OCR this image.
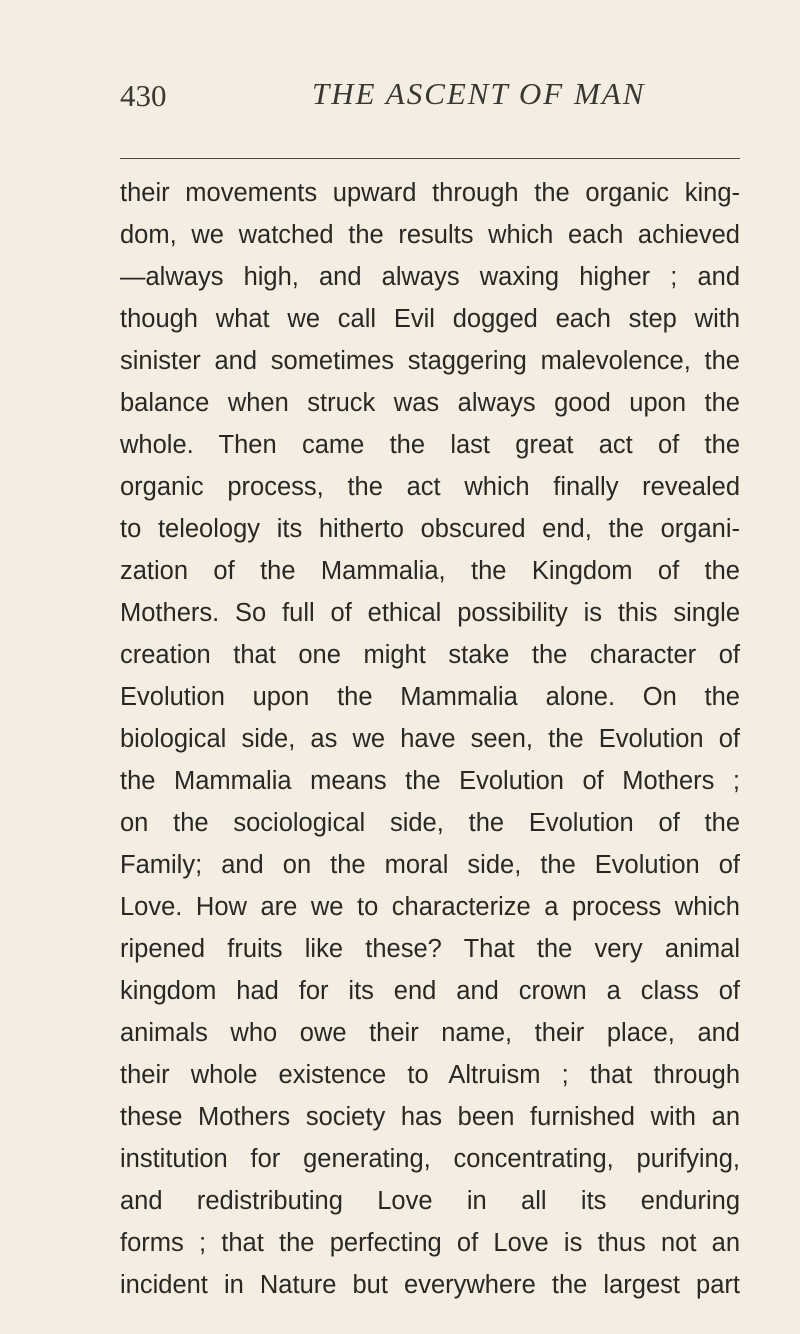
430	THE ASCENT OF MAN
their movements upward through the organic king-
dom, we watched the results which each achieved
—always high, and always waxing higher ; and
though what we call Evil dogged each step with
sinister and sometimes staggering malevolence, the
balance when struck was always good upon the
whole. Then came the last great act of the
organic process, the act which finally revealed
to teleology its hitherto obscured end, the organi-
zation of the Mammalia, the Kingdom of the
Mothers. So full of ethical possibility is this single
creation that one might stake the character of
Evolution upon the Mammalia alone. On the
biological side, as we have seen, the Evolution of
the Mammalia means the Evolution of Mothers ;
on the sociological side, the Evolution of the
Family; and on the moral side, the Evolution of
Love. How are we to characterize a process which
ripened fruits like these? That the very animal
kingdom had for its end and crown a class of
animals who owe their name, their place, and
their whole existence to Altruism ; that through
these Mothers society has been furnished with an
institution for generating, concentrating, purifying,
and redistributing Love in all its enduring
forms ; that the perfecting of Love is thus not an
incident in Nature but everywhere the largest part
